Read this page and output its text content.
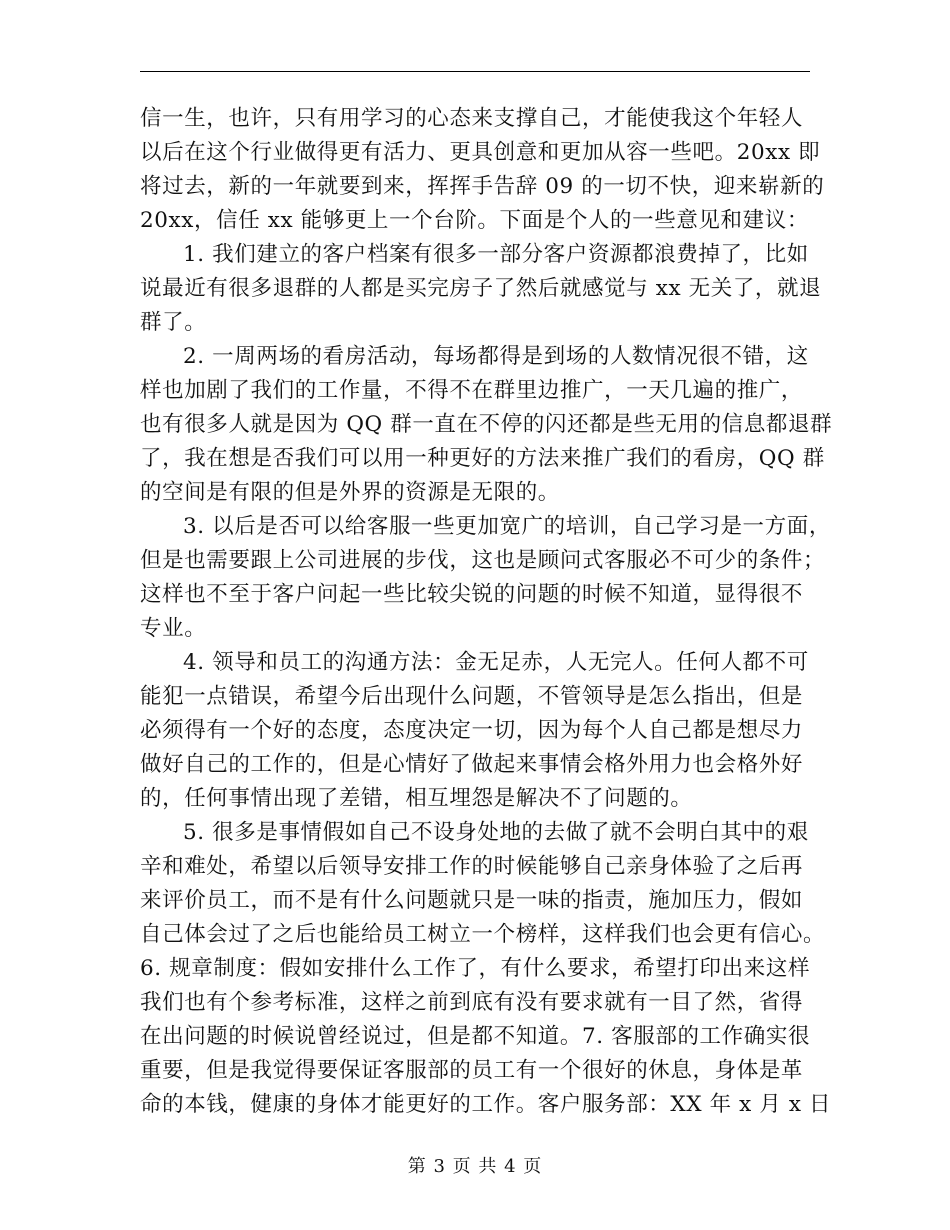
信一生，也许，只有用学习的心态来支撑自己，才能使我这个年轻人
以后在这个行业做得更有活力、更具创意和更加从容一些吧。20xx 即
将过去，新的一年就要到来，挥挥手告辞 09 的一切不快，迎来崭新的
20xx，信任 xx 能够更上一个台阶。下面是个人的一些意见和建议：
1. 我们建立的客户档案有很多一部分客户资源都浪费掉了，比如
说最近有很多退群的人都是买完房子了然后就感觉与 xx 无关了，就退
群了。
2. 一周两场的看房活动，每场都得是到场的人数情况很不错，这
样也加剧了我们的工作量，不得不在群里边推广，一天几遍的推广，
也有很多人就是因为 QQ 群一直在不停的闪还都是些无用的信息都退群
了，我在想是否我们可以用一种更好的方法来推广我们的看房，QQ 群
的空间是有限的但是外界的资源是无限的。
3. 以后是否可以给客服一些更加宽广的培训，自己学习是一方面，
但是也需要跟上公司进展的步伐，这也是顾问式客服必不可少的条件；
这样也不至于客户问起一些比较尖锐的问题的时候不知道，显得很不
专业。
4. 领导和员工的沟通方法：金无足赤，人无完人。任何人都不可
能犯一点错误，希望今后出现什么问题，不管领导是怎么指出，但是
必须得有一个好的态度，态度决定一切，因为每个人自己都是想尽力
做好自己的工作的，但是心情好了做起来事情会格外用力也会格外好
的，任何事情出现了差错，相互埋怨是解决不了问题的。
5. 很多是事情假如自己不设身处地的去做了就不会明白其中的艰
辛和难处，希望以后领导安排工作的时候能够自己亲身体验了之后再
来评价员工，而不是有什么问题就只是一味的指责，施加压力，假如
自己体会过了之后也能给员工树立一个榜样，这样我们也会更有信心。
6. 规章制度：假如安排什么工作了，有什么要求，希望打印出来这样
我们也有个参考标准，这样之前到底有没有要求就有一目了然，省得
在出问题的时候说曾经说过，但是都不知道。7. 客服部的工作确实很
重要，但是我觉得要保证客服部的员工有一个很好的休息，身体是革
命的本钱，健康的身体才能更好的工作。客户服务部：XX 年 x 月 x 日
第 3 页 共 4 页
